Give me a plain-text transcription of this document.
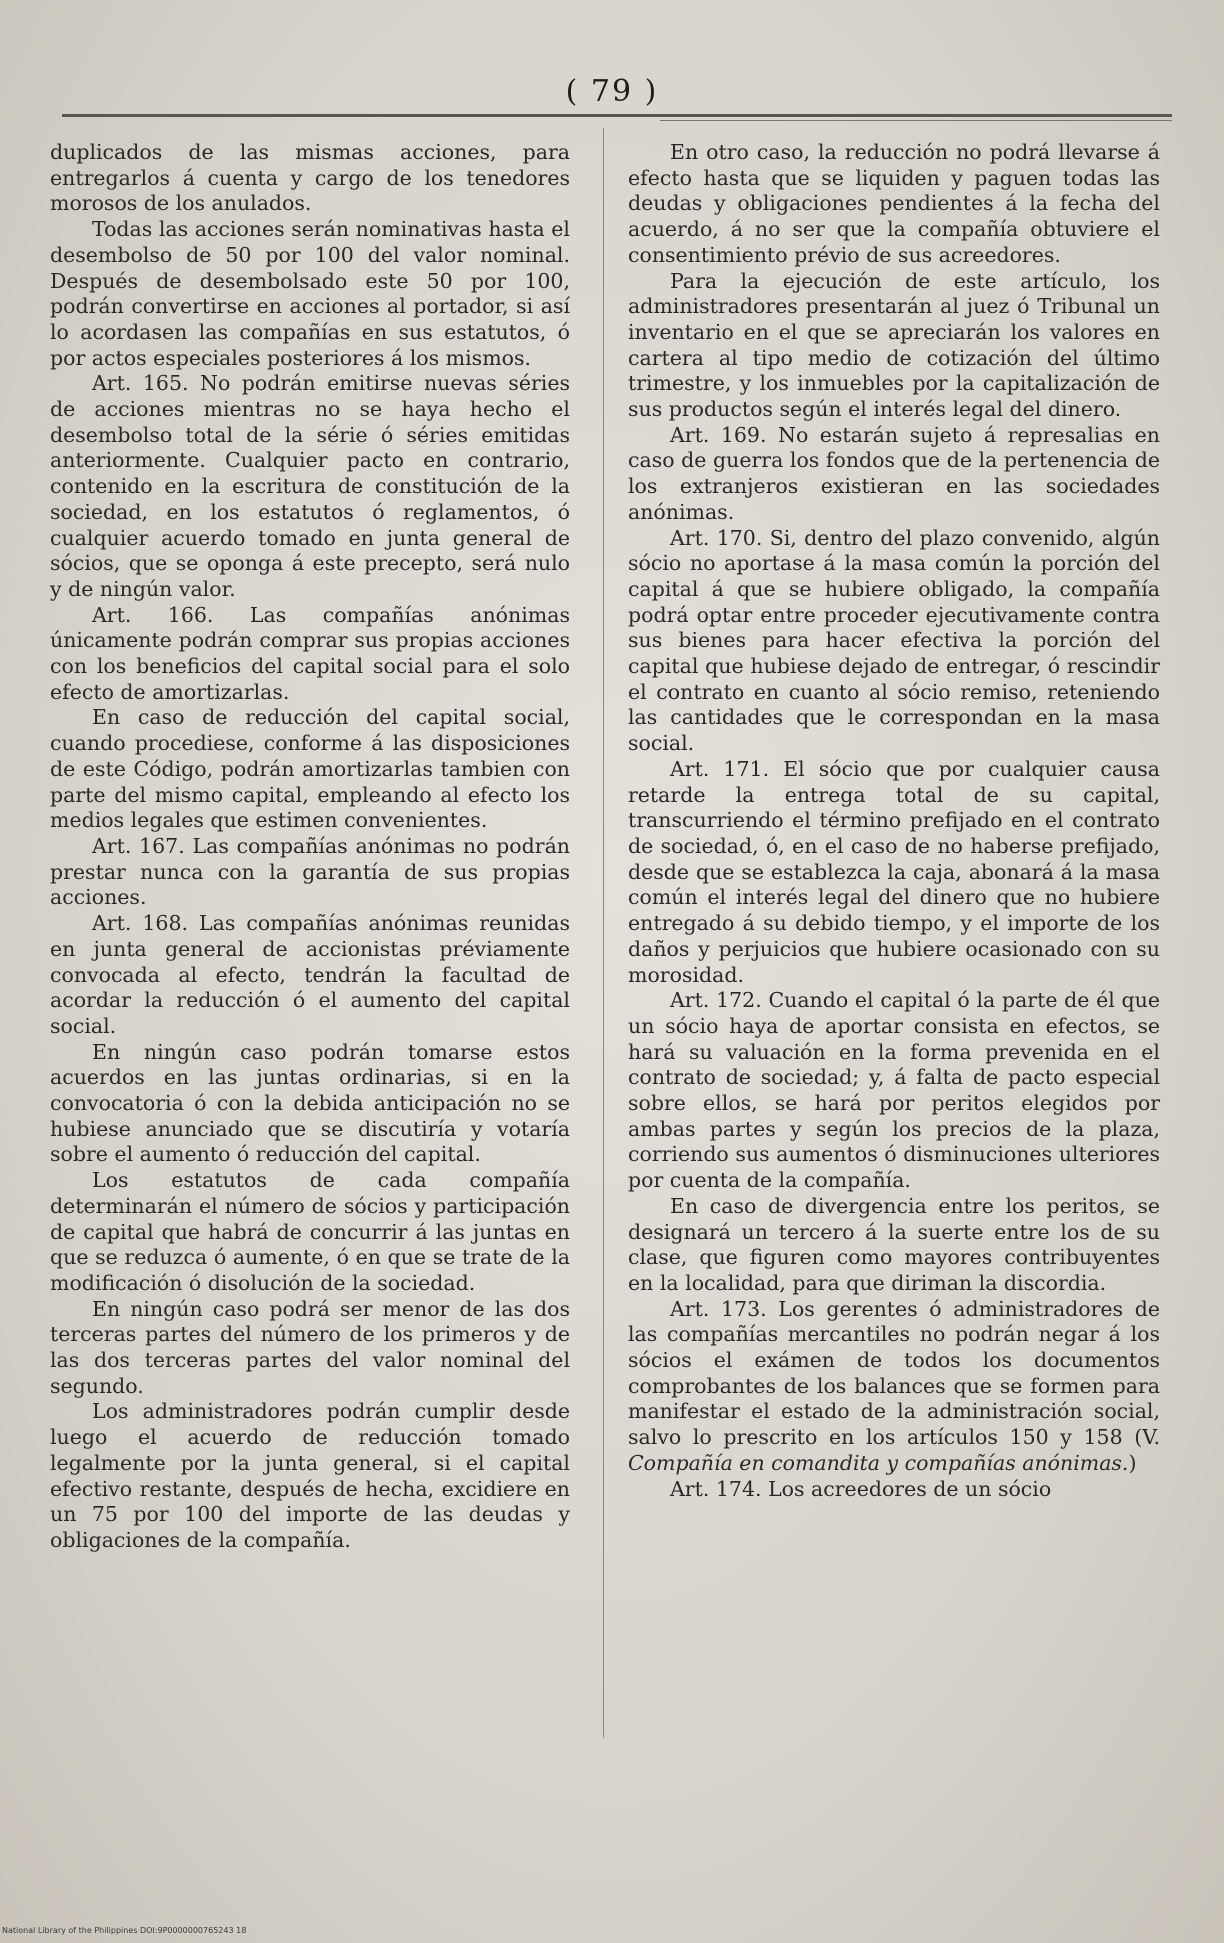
( 79 )

duplicados de las mismas acciones, para entregarlos á cuenta y cargo de los tenedores morosos de los anulados.

Todas las acciones serán nominativas hasta el desembolso de 50 por 100 del valor nominal. Después de desembolsado este 50 por 100, podrán convertirse en acciones al portador, si así lo acordasen las compañías en sus estatutos, ó por actos especiales posteriores á los mismos.

Art. 165. No podrán emitirse nuevas séries de acciones mientras no se haya hecho el desembolso total de la série ó séries emitidas anteriormente. Cualquier pacto en contrario, contenido en la escritura de constitución de la sociedad, en los estatutos ó reglamentos, ó cualquier acuerdo tomado en junta general de sócios, que se oponga á este precepto, será nulo y de ningún valor.

Art. 166. Las compañías anónimas únicamente podrán comprar sus propias acciones con los beneficios del capital social para el solo efecto de amortizarlas.

En caso de reducción del capital social, cuando procediese, conforme á las disposiciones de este Código, podrán amortizarlas tambien con parte del mismo capital, empleando al efecto los medios legales que estimen convenientes.

Art. 167. Las compañías anónimas no podrán prestar nunca con la garantía de sus propias acciones.

Art. 168. Las compañías anónimas reunidas en junta general de accionistas préviamente convocada al efecto, tendrán la facultad de acordar la reducción ó el aumento del capital social.

En ningún caso podrán tomarse estos acuerdos en las juntas ordinarias, si en la convocatoria ó con la debida anticipación no se hubiese anunciado que se discutiría y votaría sobre el aumento ó reducción del capital.

Los estatutos de cada compañía determinarán el número de sócios y participación de capital que habrá de concurrir á las juntas en que se reduzca ó aumente, ó en que se trate de la modificación ó disolución de la sociedad.

En ningún caso podrá ser menor de las dos terceras partes del número de los primeros y de las dos terceras partes del valor nominal del segundo.

Los administradores podrán cumplir desde luego el acuerdo de reducción tomado legalmente por la junta general, si el capital efectivo restante, después de hecha, excidiere en un 75 por 100 del importe de las deudas y obligaciones de la compañía.

En otro caso, la reducción no podrá llevarse á efecto hasta que se liquiden y paguen todas las deudas y obligaciones pendientes á la fecha del acuerdo, á no ser que la compañía obtuviere el consentimiento prévio de sus acreedores.

Para la ejecución de este artículo, los administradores presentarán al juez ó Tribunal un inventario en el que se apreciarán los valores en cartera al tipo medio de cotización del último trimestre, y los inmuebles por la capitalización de sus productos según el interés legal del dinero.

Art. 169. No estarán sujeto á represalias en caso de guerra los fondos que de la pertenencia de los extranjeros existieran en las sociedades anónimas.

Art. 170. Si, dentro del plazo convenido, algún sócio no aportase á la masa común la porción del capital á que se hubiere obligado, la compañía podrá optar entre proceder ejecutivamente contra sus bienes para hacer efectiva la porción del capital que hubiese dejado de entregar, ó rescindir el contrato en cuanto al sócio remiso, reteniendo las cantidades que le correspondan en la masa social.

Art. 171. El sócio que por cualquier causa retarde la entrega total de su capital, transcurriendo el término prefijado en el contrato de sociedad, ó, en el caso de no haberse prefijado, desde que se establezca la caja, abonará á la masa común el interés legal del dinero que no hubiere entregado á su debido tiempo, y el importe de los daños y perjuicios que hubiere ocasionado con su morosidad.

Art. 172. Cuando el capital ó la parte de él que un sócio haya de aportar consista en efectos, se hará su valuación en la forma prevenida en el contrato de sociedad; y, á falta de pacto especial sobre ellos, se hará por peritos elegidos por ambas partes y según los precios de la plaza, corriendo sus aumentos ó disminuciones ulteriores por cuenta de la compañía.

En caso de divergencia entre los peritos, se designará un tercero á la suerte entre los de su clase, que figuren como mayores contribuyentes en la localidad, para que diriman la discordia.

Art. 173. Los gerentes ó administradores de las compañías mercantiles no podrán negar á los sócios el exámen de todos los documentos comprobantes de los balances que se formen para manifestar el estado de la administración social, salvo lo prescrito en los artículos 150 y 158 (V. Compañía en comandita y compañías anónimas.)

Art. 174. Los acreedores de un sócio

National Library of the Philippines DOI:9P0000000765243 18
